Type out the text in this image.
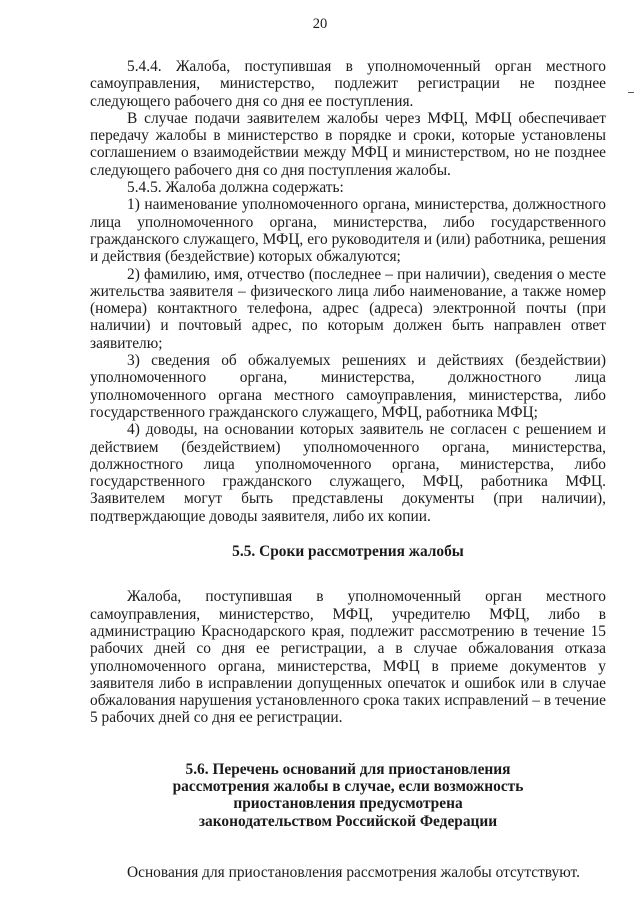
20

5.4.4. Жалоба, поступившая в уполномоченный орган местного самоуправления, министерство, подлежит регистрации не позднее следующего рабочего дня со дня ее поступления.

В случае подачи заявителем жалобы через МФЦ, МФЦ обеспечивает передачу жалобы в министерство в порядке и сроки, которые установлены соглашением о взаимодействии между МФЦ и министерством, но не позднее следующего рабочего дня со дня поступления жалобы.

5.4.5. Жалоба должна содержать:

1) наименование уполномоченного органа, министерства, должностного лица уполномоченного органа, министерства, либо государственного гражданского служащего, МФЦ, его руководителя и (или) работника, решения и действия (бездействие) которых обжалуются;

2) фамилию, имя, отчество (последнее – при наличии), сведения о месте жительства заявителя – физического лица либо наименование, а также номер (номера) контактного телефона, адрес (адреса) электронной почты (при наличии) и почтовый адрес, по которым должен быть направлен ответ заявителю;

3) сведения об обжалуемых решениях и действиях (бездействии) уполномоченного органа, министерства, должностного лица уполномоченного органа местного самоуправления, министерства, либо государственного гражданского служащего, МФЦ, работника МФЦ;

4) доводы, на основании которых заявитель не согласен с решением и действием (бездействием) уполномоченного органа, министерства, должностного лица уполномоченного органа, министерства, либо государственного гражданского служащего, МФЦ, работника МФЦ. Заявителем могут быть представлены документы (при наличии), подтверждающие доводы заявителя, либо их копии.

5.5. Сроки рассмотрения жалобы

Жалоба, поступившая в уполномоченный орган местного самоуправления, министерство, МФЦ, учредителю МФЦ, либо в администрацию Краснодарского края, подлежит рассмотрению в течение 15 рабочих дней со дня ее регистрации, а в случае обжалования отказа уполномоченного органа, министерства, МФЦ в приеме документов у заявителя либо в исправлении допущенных опечаток и ошибок или в случае обжалования нарушения установленного срока таких исправлений – в течение 5 рабочих дней со дня ее регистрации.

5.6. Перечень оснований для приостановления
рассмотрения жалобы в случае, если возможность
приостановления предусмотрена
законодательством Российской Федерации

Основания для приостановления рассмотрения жалобы отсутствуют.
